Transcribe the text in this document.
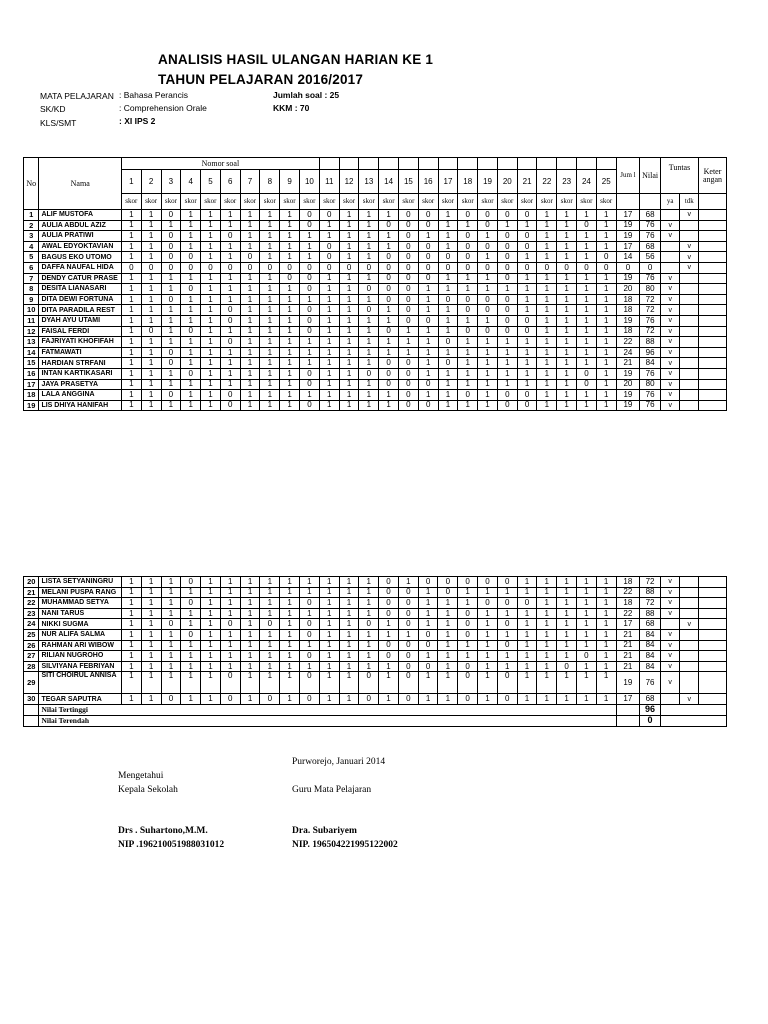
ANALISIS HASIL ULANGAN HARIAN KE 1
TAHUN PELAJARAN 2016/2017
MATA PELAJARAN : Bahasa Perancis	Jumlah soal : 25
SK/KD	: Comprehension Orale	KKM : 70
KLS/SMT	: XI IPS 2
No	Nama	Nomor soal																									Jum l	Nilai	Tuntas		Keter angan
		1	2	3	4	5	6	7	8	9	10	11	12	13	14	15	16	17	18	19	20	21	22	23	24	25					
		skor	skor	skor	skor	skor	skor	skor	skor	skor	skor	skor	skor	skor	skor	skor	skor	skor	skor	skor	skor	skor	skor	skor	skor	skor			ya	tdk	
1	ALIF MUSTOFA	1	1	0	1	1	1	1	1	1	0	0	1	1	1	0	0	1	0	0	0	0	1	1	1	1	17	68		v	
2	AULIA ABDUL AZIZ	1	1	1	1	1	1	1	1	1	0	1	1	1	0	0	0	1	1	0	1	1	1	1	0	1	19	76	v		
3	AULIA PRATIWI	1	1	0	1	1	0	1	1	1	1	1	1	1	1	0	1	1	0	1	0	0	1	1	1	1	19	76	v		
4	AWAL EDYOKTAVIAN	1	1	0	1	1	1	1	1	1	1	0	1	1	1	0	0	1	0	0	0	0	1	1	1	1	17	68		v	
5	BAGUS EKO UTOMO	1	1	0	0	1	1	0	1	1	1	0	1	1	0	0	0	0	0	1	0	1	1	1	1	0	14	56		v	
6	DAFFA NAUFAL HIDA	0	0	0	0	0	0	0	0	0	0	0	0	0	0	0	0	0	0	0	0	0	0	0	0	0	0	0		v	
7	DENDY CATUR PRASE	1	1	1	1	1	1	1	1	0	0	1	1	1	0	0	0	1	1	1	0	1	1	1	1	1	19	76	v		
8	DESITA LIANASARI	1	1	1	0	1	1	1	1	1	0	1	1	0	0	0	1	1	1	1	1	1	1	1	1	1	20	80	v		
9	DITA DEWI FORTUNA	1	1	0	1	1	1	1	1	1	1	1	1	1	0	0	1	0	0	0	0	1	1	1	1	1	18	72	v		
10	DITA PARADILA REST	1	1	1	1	1	0	1	1	1	0	1	1	0	1	0	1	1	0	0	0	1	1	1	1	1	18	72	v		
11	DYAH AYU UTAMI	1	1	1	1	1	0	1	1	1	0	1	1	1	1	0	0	1	1	1	0	0	1	1	1	1	19	76	v		
12	FAISAL FERDI	1	0	1	0	1	1	1	1	1	0	1	1	1	0	1	1	1	0	0	0	0	1	1	1	1	18	72	v		
13	FAJRIYATI KHOFIFAH	1	1	1	1	1	0	1	1	1	1	1	1	1	1	1	1	0	1	1	1	1	1	1	1	1	22	88	v		
14	FATMAWATI	1	1	0	1	1	1	1	1	1	1	1	1	1	1	1	1	1	1	1	1	1	1	1	1	1	24	96	v		
15	HARDIAN STRFANI	1	1	0	1	1	1	1	1	1	1	1	1	1	0	0	1	0	1	1	1	1	1	1	1	1	21	84	v		
16	INTAN KARTIKASARI	1	1	1	0	1	1	1	1	1	0	1	1	0	0	0	1	1	1	1	1	1	1	1	0	1	19	76	v		
17	JAYA PRASETYA	1	1	1	1	1	1	1	1	1	0	1	1	1	0	0	0	1	1	1	1	1	1	1	0	1	20	80	v		
18	LALA ANGGINA	1	1	0	1	1	0	1	1	1	1	1	1	1	1	0	1	1	0	1	0	0	1	1	1	1	19	76	v		
19	LIS DHIYA HANIFAH	1	1	1	1	1	0	1	1	1	0	1	1	1	1	0	0	1	1	1	0	0	1	1	1	1	19	76	v		
20	LISTA SETYANINGRU	1	1	1	0	1	1	1	1	1	1	1	1	1	0	1	0	0	0	0	0	1	1	1	1	1	18	72	v		
21	MELANI PUSPA RANG	1	1	1	1	1	1	1	1	1	1	1	1	1	0	0	1	0	1	1	1	1	1	1	1	1	22	88	v		
22	MUHAMMAD SETYA	1	1	1	0	1	1	1	1	1	0	1	1	1	0	0	1	1	1	0	0	0	1	1	1	1	18	72	v		
23	NANI TARUS	1	1	1	1	1	1	1	1	1	1	1	1	1	0	0	1	1	0	1	1	1	1	1	1	1	22	88	v		
24	NIKKI SUGMA	1	1	0	1	1	0	1	0	1	0	1	1	0	1	0	1	1	0	1	0	1	1	1	1	1	17	68		v	
25	NUR ALIFA SALMA	1	1	1	0	1	1	1	1	1	0	1	1	1	1	1	0	1	0	1	1	1	1	1	1	1	21	84	v		
26	RAHMAN ARI WIBOW	1	1	1	1	1	1	1	1	1	1	1	1	1	0	0	0	1	1	1	0	1	1	1	1	1	21	84	v		
27	RILIAN NUGROHO	1	1	1	1	1	1	1	1	1	0	1	1	1	0	0	1	1	1	1	1	1	1	1	0	1	21	84	v		
28	SILVIYANA FEBRIYAN	1	1	1	1	1	1	1	1	1	1	1	1	1	1	0	0	1	0	1	1	1	1	0	1	1	21	84	v		
29	SITI CHOIRUL ANNISA	1	1	1	1	1	0	1	1	1	0	1	1	0	1	0	1	1	0	1	0	1	1	1	1	1	19	76	v		
30	TEGAR SAPUTRA	1	1	0	1	1	0	1	0	1	0	1	1	0	1	0	1	1	0	1	0	1	1	1	1	1	17	68		v	
	Nilai Tertinggi																											96			
	Nilai Terendah																											0			
Purworejo, Januari 2014
Mengetahui
Kepala Sekolah	Guru Mata Pelajaran
Drs . Suhartono,M.M.	Dra. Subariyem
NIP .196210051988031012	NIP. 196504221995122002
